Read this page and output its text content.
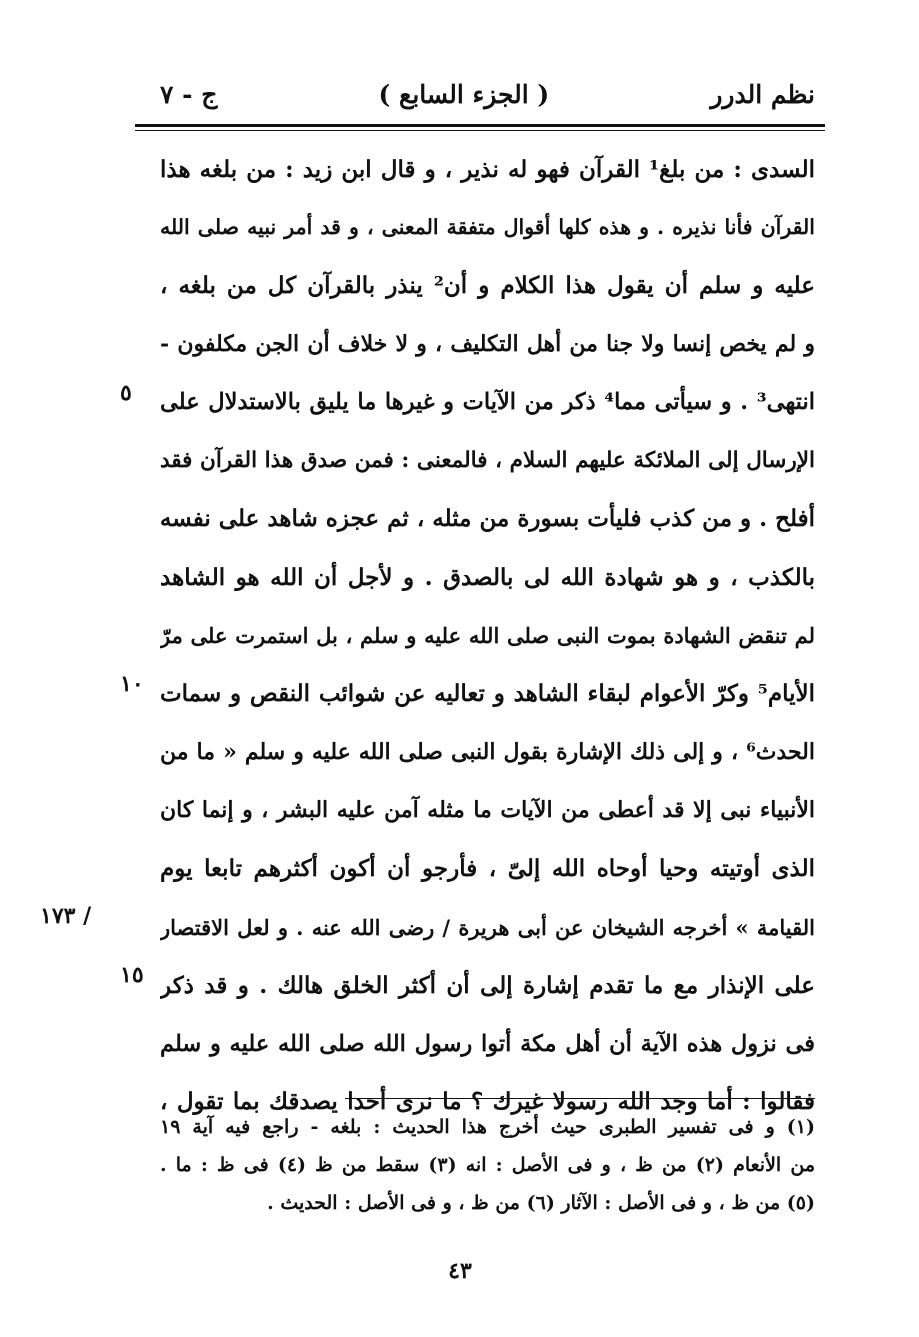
نظم الدرر
( الجزء السابع )
ج - ٧
السدى : من بلغ¹ القرآن فهو له نذير ، و قال ابن زيد : من بلغه هذا
القرآن فأنا نذيره . و هذه كلها أقوال متفقة المعنى ، و قد أمر نبيه صلى الله
عليه و سلم أن يقول هذا الكلام و أن² ينذر بالقرآن كل من بلغه ،
و لم يخص إنسا ولا جنا من أهل التكليف ، و لا خلاف أن الجن مكلفون -
انتهى³ . و سيأتى مما⁴ ذكر من الآيات و غيرها ما يليق بالاستدلال على
الإرسال إلى الملائكة عليهم السلام ، فالمعنى : فمن صدق هذا القرآن فقد
أفلح . و من كذب فليأت بسورة من مثله ، ثم عجزه شاهد على نفسه
بالكذب ، و هو شهادة الله لى بالصدق . و لأجل أن الله هو الشاهد
لم تنقض الشهادة بموت النبى صلى الله عليه و سلم ، بل استمرت على مرّ
الأيام⁵ وكرّ الأعوام لبقاء الشاهد و تعاليه عن شوائب النقص و سمات
الحدث⁶ ، و إلى ذلك الإشارة بقول النبى صلى الله عليه و سلم « ما من
الأنبياء نبى إلا قد أعطى من الآيات ما مثله آمن عليه البشر ، و إنما كان
الذى أوتيته وحيا أوحاه الله إلىّ ، فأرجو أن أكون أكثرهم تابعا يوم
القيامة » أخرجه الشيخان عن أبى هريرة / رضى الله عنه . و لعل الاقتصار
على الإنذار مع ما تقدم إشارة إلى أن أكثر الخلق هالك . و قد ذكر
فى نزول هذه الآية أن أهل مكة أتوا رسول الله صلى الله عليه و سلم
فقالوا : أما وجد الله رسولا غيرك ؟ ما نرى أحدا يصدقك بما تقول ،
٥
١٠
١٥
/ ١٧٣
(١) و فى تفسير الطبرى حيث أخرج هذا الحديث : بلغه - راجع فيه آية ١٩
من الأنعام (٢) من ظ ، و فى الأصل : انه (٣) سقط من ظ (٤) فى ظ : ما .
(٥) من ظ ، و فى الأصل : الآثار (٦) من ظ ، و فى الأصل : الحديث .
٤٣
